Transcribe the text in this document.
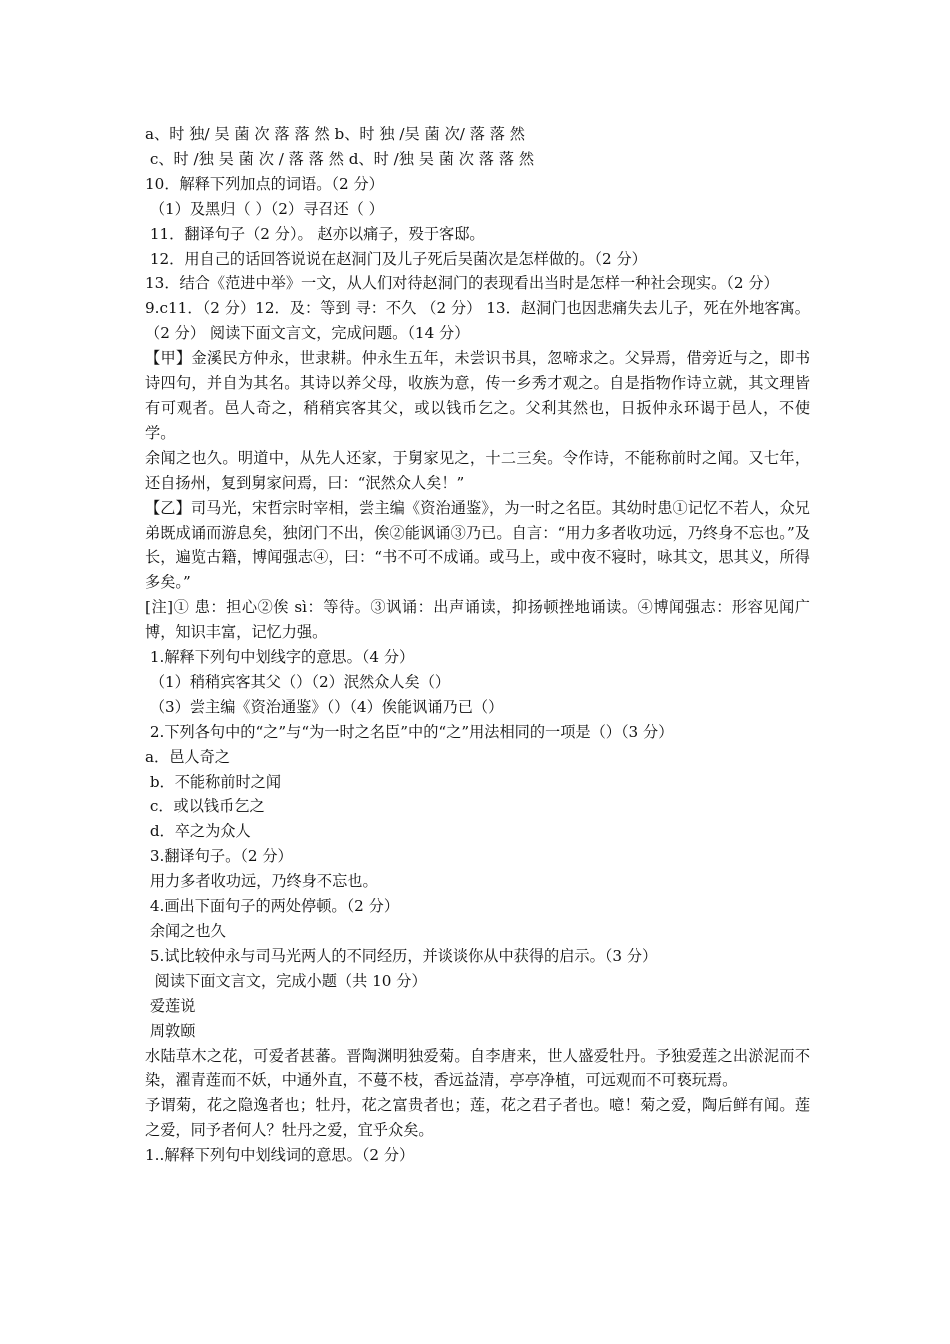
a、时 独/ 吴 菌 次 落 落 然 b、时 独 /吴 菌 次/ 落 落 然
c、时 /独 吴 菌 次 / 落 落 然 d、时 /独 吴 菌 次 落 落 然
10．解释下列加点的词语。（2 分）
（1）及黑归（ ）（2）寻召还（ ）
11．翻译句子（2 分）。 赵亦以痛子，殁于客邸。
12．用自己的话回答说说在赵洞门及儿子死后吴菌次是怎样做的。（2 分）
13．结合《范进中举》一文，从人们对待赵洞门的表现看出当时是怎样一种社会现实。（2 分）
9.c11．（2 分）12．及：等到 寻：不久 （2 分） 13．赵洞门也因悲痛失去儿子，死在外地客寓。（2 分） 阅读下面文言文，完成问题。（14 分）
【甲】金溪民方仲永，世隶耕。仲永生五年，未尝识书具，忽啼求之。父异焉，借旁近与之，即书诗四句，并自为其名。其诗以养父母，收族为意，传一乡秀才观之。自是指物作诗立就，其文理皆有可观者。邑人奇之，稍稍宾客其父，或以钱币乞之。父利其然也，日扳仲永环谒于邑人，不使学。
余闻之也久。明道中，从先人还家，于舅家见之，十二三矣。令作诗，不能称前时之闻。又七年，还自扬州，复到舅家问焉，曰：“泯然众人矣！”
【乙】司马光，宋哲宗时宰相，尝主编《资治通鉴》，为一时之名臣。其幼时患①记忆不若人，众兄弟既成诵而游息矣，独闭门不出，俟②能讽诵③乃已。自言：“用力多者收功远，乃终身不忘也。”及长，遍览古籍，博闻强志④，曰：“书不可不成诵。或马上，或中夜不寝时，咏其文，思其义，所得多矣。”
[注]① 患：担心②俟 sì：等待。③讽诵：出声诵读，抑扬顿挫地诵读。④博闻强志：形容见闻广博，知识丰富，记忆力强。
1.解释下列句中划线字的意思。（4 分）
（1）稍稍宾客其父（）（2）泯然众人矣（）
（3）尝主编《资治通鉴》（）（4）俟能讽诵乃已（）
2.下列各句中的“之”与“为一时之名臣”中的“之”用法相同的一项是（）（3 分）
a．邑人奇之
b．不能称前时之闻
c．或以钱币乞之
d．卒之为众人
3.翻译句子。（2 分）
用力多者收功远，乃终身不忘也。
4.画出下面句子的两处停顿。（2 分）
余闻之也久
5.试比较仲永与司马光两人的不同经历，并谈谈你从中获得的启示。（3 分）
阅读下面文言文，完成小题（共 10 分）
爱莲说
周敦颐
水陆草木之花，可爱者甚蕃。晋陶渊明独爱菊。自李唐来，世人盛爱牡丹。予独爱莲之出淤泥而不染，濯青莲而不妖，中通外直，不蔓不枝，香远益清，亭亭净植，可远观而不可亵玩焉。
予谓菊，花之隐逸者也；牡丹，花之富贵者也；莲，花之君子者也。噫！菊之爱，陶后鲜有闻。莲之爱，同予者何人？牡丹之爱，宜乎众矣。
1..解释下列句中划线词的意思。（2 分）
